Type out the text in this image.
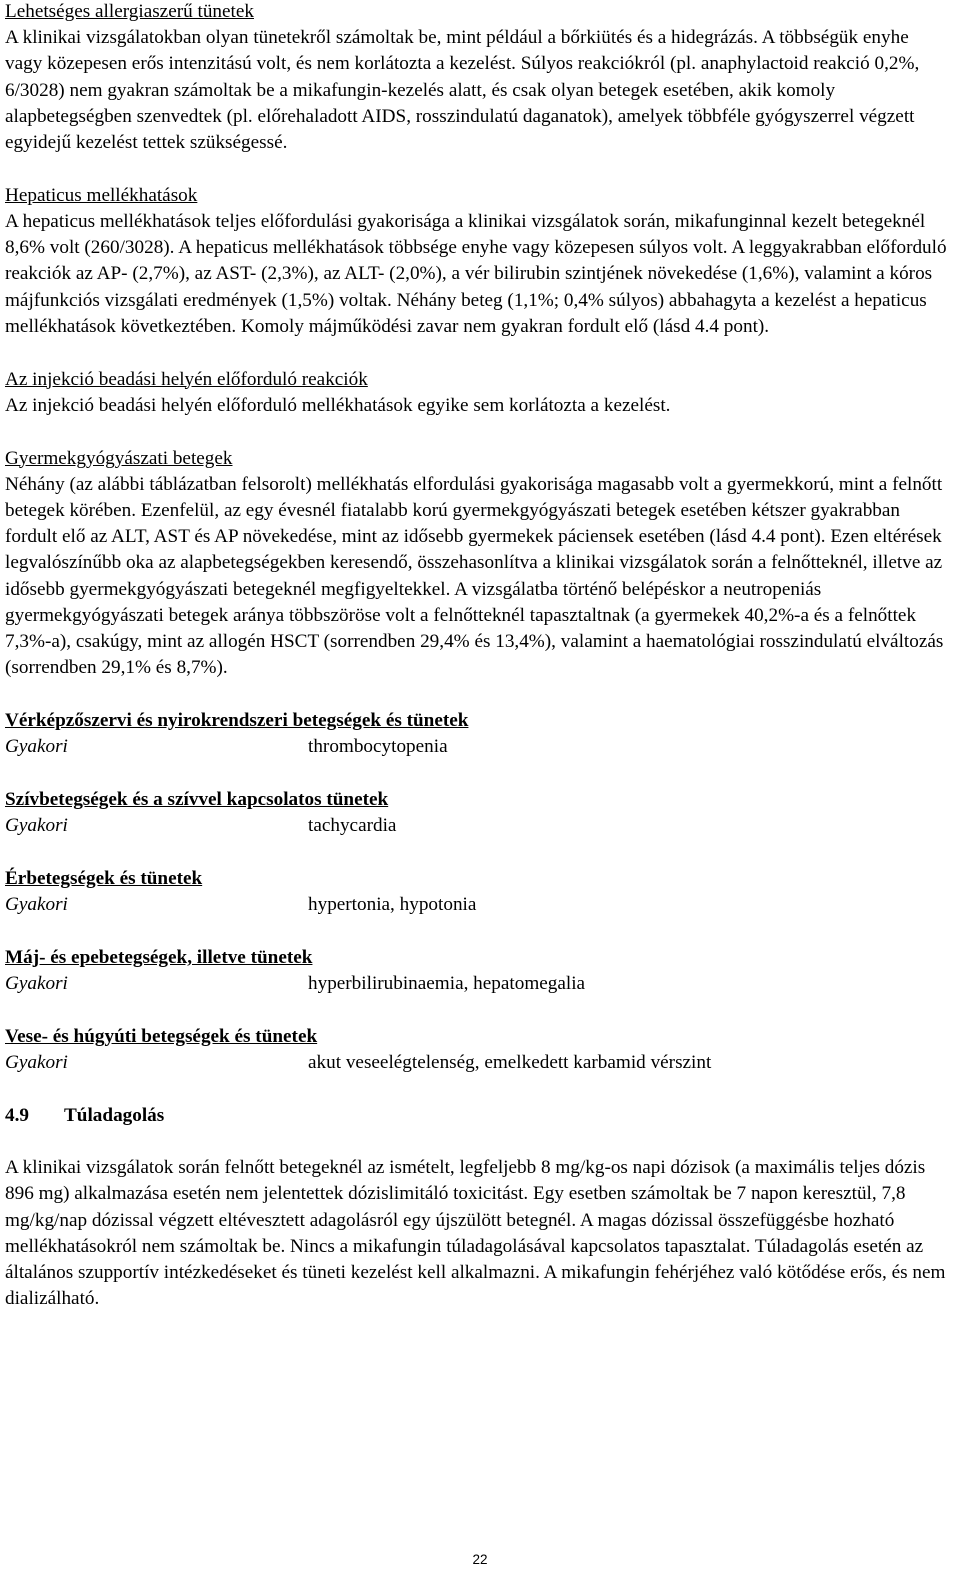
Lehetséges allergiaszerű tünetek

A klinikai vizsgálatokban olyan tünetekről számoltak be, mint például a bőrkiütés és a hidegrázás. A többségük enyhe vagy közepesen erős intenzitású volt, és nem korlátozta a kezelést. Súlyos reakciókról (pl. anaphylactoid reakció 0,2%, 6/3028) nem gyakran számoltak be a mikafungin-kezelés alatt, és csak olyan betegek esetében, akik komoly alapbetegségben szenvedtek (pl. előrehaladott AIDS, rosszindulatú daganatok), amelyek többféle gyógyszerrel végzett egyidejű kezelést tettek szükségessé.

Hepaticus mellékhatások

A hepaticus mellékhatások teljes előfordulási gyakorisága a klinikai vizsgálatok során, mikafunginnal kezelt betegeknél 8,6% volt (260/3028). A hepaticus mellékhatások többsége enyhe vagy közepesen súlyos volt. A leggyakrabban előforduló reakciók az AP- (2,7%), az AST- (2,3%), az ALT- (2,0%), a vér bilirubin szintjének növekedése (1,6%), valamint a kóros májfunkciós vizsgálati eredmények (1,5%) voltak. Néhány beteg (1,1%; 0,4% súlyos) abbahagyta a kezelést a hepaticus mellékhatások következtében. Komoly májműködési zavar nem gyakran fordult elő (lásd 4.4 pont).

Az injekció beadási helyén előforduló reakciók

Az injekció beadási helyén előforduló mellékhatások egyike sem korlátozta a kezelést.

Gyermekgyógyászati betegek

Néhány (az alábbi táblázatban felsorolt) mellékhatás elfordulási gyakorisága magasabb volt a gyermekkorú, mint a felnőtt betegek körében. Ezenfelül, az egy évesnél fiatalabb korú gyermekgyógyászati betegek esetében kétszer gyakrabban fordult elő az ALT, AST és AP növekedése, mint az idősebb gyermekek páciensek esetében (lásd 4.4 pont). Ezen eltérések legvalószínűbb oka az alapbetegségekben keresendő, összehasonlítva a klinikai vizsgálatok során a felnőtteknél, illetve az idősebb gyermekgyógyászati betegeknél megfigyeltekkel. A vizsgálatba történő belépéskor a neutropeniás gyermekgyógyászati betegek aránya többszöröse volt a felnőtteknél tapasztaltnak (a gyermekek 40,2%-a és a felnőttek 7,3%-a), csakúgy, mint az allogén HSCT (sorrendben 29,4% és 13,4%), valamint a haematológiai rosszindulatú elváltozás (sorrendben 29,1% és 8,7%).

Vérképzőszervi és nyirokrendszeri betegségek és tünetek

Gyakori	thrombocytopenia

Szívbetegségek és a szívvel kapcsolatos tünetek

Gyakori	tachycardia

Érbetegségek és tünetek

Gyakori	hypertonia, hypotonia

Máj- és epebetegségek, illetve tünetek

Gyakori	hyperbilirubinaemia, hepatomegalia

Vese- és húgyúti betegségek és tünetek

Gyakori	akut veseelégtelenség, emelkedett karbamid vérszint
4.9	Túladagolás

A klinikai vizsgálatok során felnőtt betegeknél az ismételt, legfeljebb 8 mg/kg-os napi dózisok (a maximális teljes dózis 896 mg) alkalmazása esetén nem jelentettek dózislimitáló toxicitást. Egy esetben számoltak be 7 napon keresztül, 7,8 mg/kg/nap dózissal végzett eltévesztett adagolásról egy újszülött betegnél. A magas dózissal összefüggésbe hozható mellékhatásokról nem számoltak be. Nincs a mikafungin túladagolásával kapcsolatos tapasztalat. Túladagolás esetén az általános szupportív intézkedéseket és tüneti kezelést kell alkalmazni. A mikafungin fehérjéhez való kötődése erős, és nem dializálható.

22
